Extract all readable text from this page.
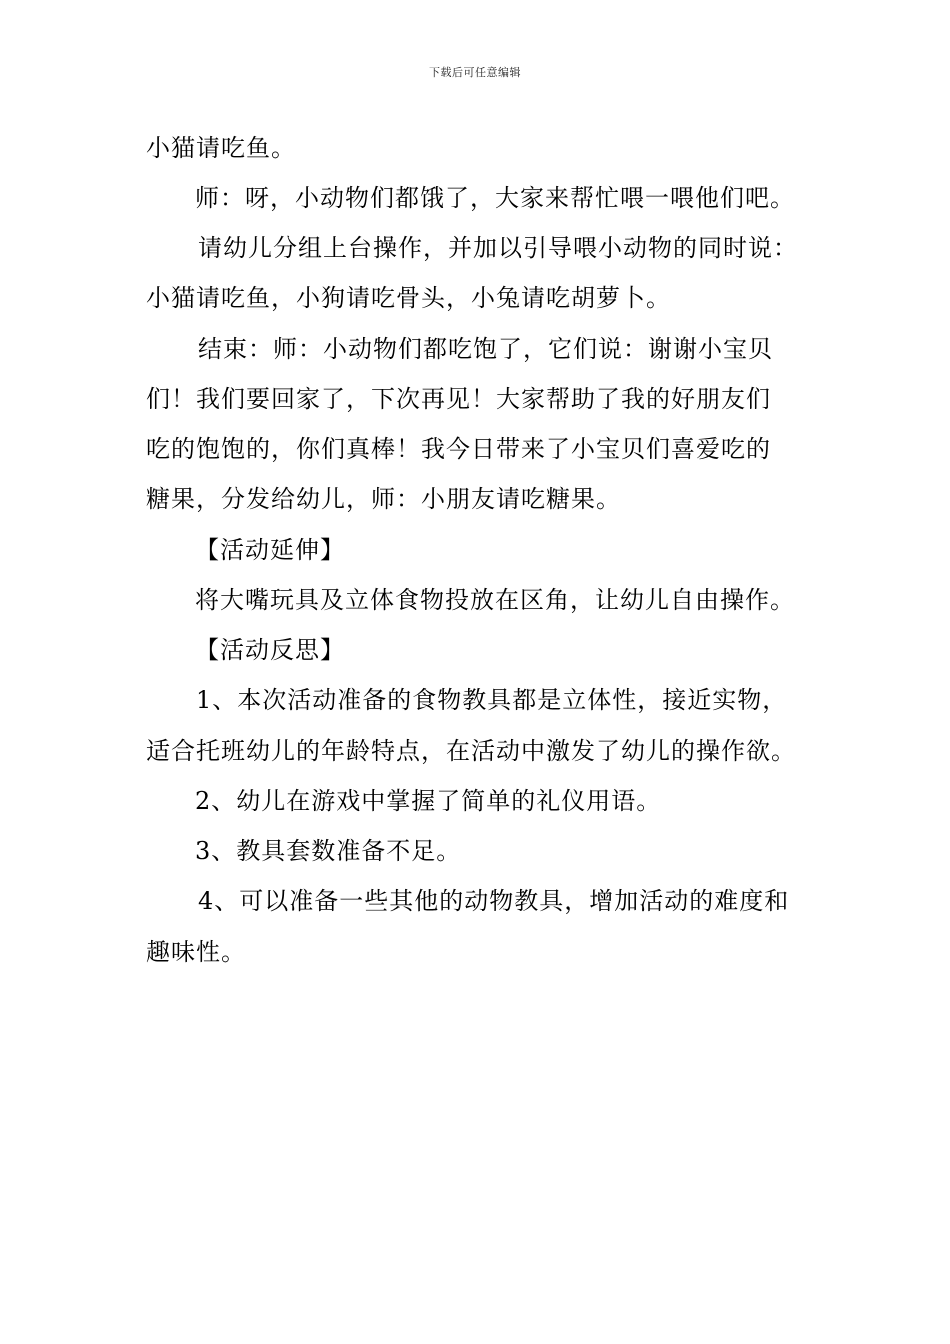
下载后可任意编辑
小猫请吃鱼。
师：呀，小动物们都饿了，大家来帮忙喂一喂他们吧。
请幼儿分组上台操作，并加以引导喂小动物的同时说：
小猫请吃鱼，小狗请吃骨头，小兔请吃胡萝卜。
结束：师：小动物们都吃饱了，它们说：谢谢小宝贝
们！我们要回家了，下次再见！大家帮助了我的好朋友们
吃的饱饱的，你们真棒！我今日带来了小宝贝们喜爱吃的
糖果，分发给幼儿，师：小朋友请吃糖果。
【活动延伸】
将大嘴玩具及立体食物投放在区角，让幼儿自由操作。
【活动反思】
1、本次活动准备的食物教具都是立体性，接近实物，
适合托班幼儿的年龄特点，在活动中激发了幼儿的操作欲。
2、幼儿在游戏中掌握了简单的礼仪用语。
3、教具套数准备不足。
4、可以准备一些其他的动物教具，增加活动的难度和
趣味性。
